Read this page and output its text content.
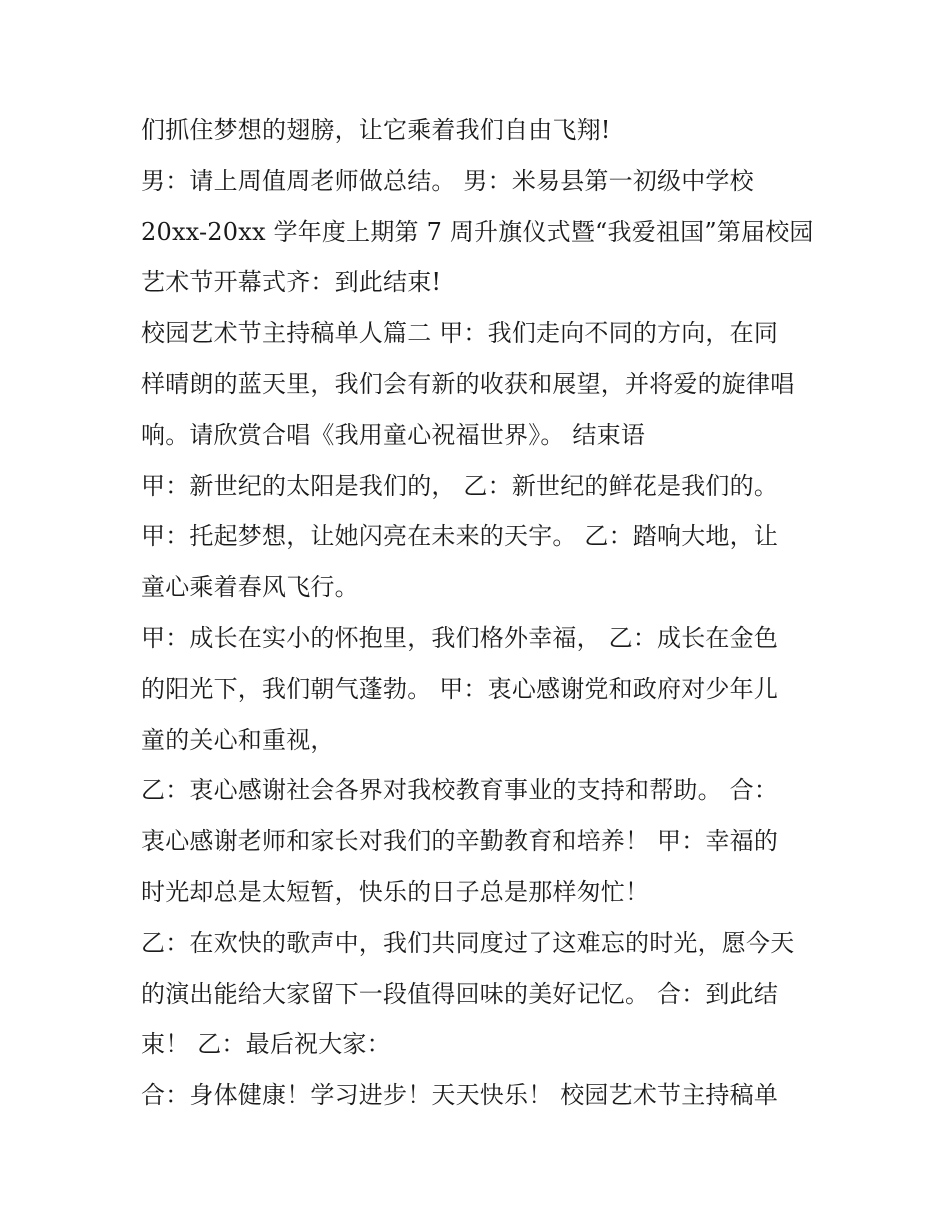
们抓住梦想的翅膀，让它乘着我们自由飞翔!
男：请上周值周老师做总结。 男：米易县第一初级中学校
20xx-20xx 学年度上期第 7 周升旗仪式暨“我爱祖国”第届校园
艺术节开幕式齐：到此结束!
校园艺术节主持稿单人篇二 甲：我们走向不同的方向，在同
样晴朗的蓝天里，我们会有新的收获和展望，并将爱的旋律唱
响。请欣赏合唱《我用童心祝福世界》。 结束语
甲：新世纪的太阳是我们的， 乙：新世纪的鲜花是我们的。
甲：托起梦想，让她闪亮在未来的天宇。 乙：踏响大地，让
童心乘着春风飞行。
甲：成长在实小的怀抱里，我们格外幸福， 乙：成长在金色
的阳光下，我们朝气蓬勃。 甲：衷心感谢党和政府对少年儿
童的关心和重视，
乙：衷心感谢社会各界对我校教育事业的支持和帮助。 合：
衷心感谢老师和家长对我们的辛勤教育和培养！ 甲：幸福的
时光却总是太短暂，快乐的日子总是那样匆忙！
乙：在欢快的歌声中，我们共同度过了这难忘的时光，愿今天
的演出能给大家留下一段值得回味的美好记忆。 合：到此结
束！ 乙：最后祝大家：
合：身体健康！学习进步！天天快乐！ 校园艺术节主持稿单
